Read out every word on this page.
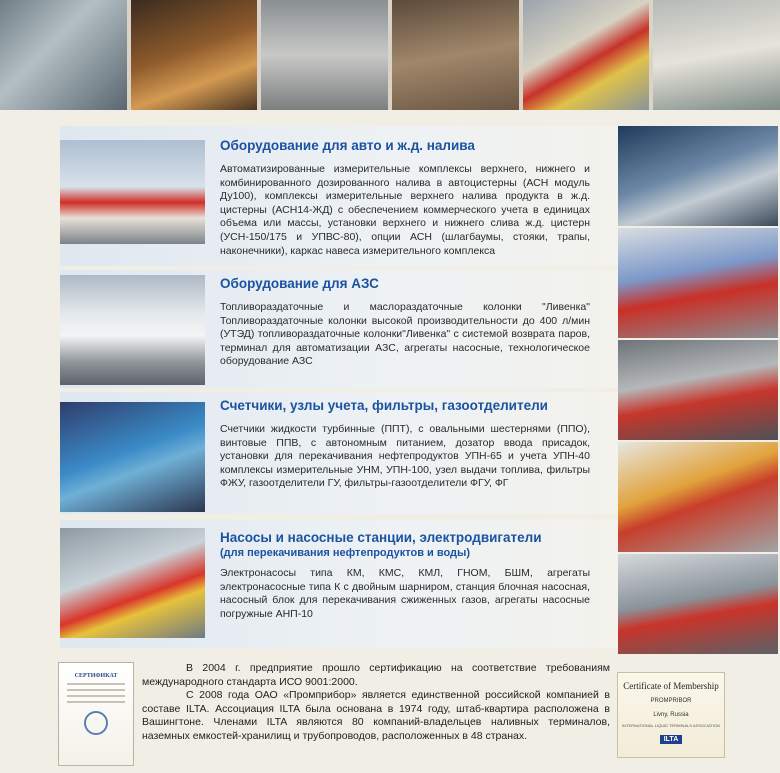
Оборудование для авто и ж.д. налива

Автоматизированные измерительные комплексы верхнего, нижнего и комбинированного дозированного налива в автоцистерны (АСН модуль Ду100), комплексы измерительные верхнего налива продукта в ж.д. цистерны (АСН14-ЖД) с обеспечением коммерческого учета в единицах объема или массы, установки верхнего и нижнего слива ж.д. цистерн (УСН-150/175 и УПВС-80), опции АСН (шлагбаумы, стояки, трапы, наконечники), каркас навеса измерительного комплекса

Оборудование для АЗС

Топливораздаточные и маслораздаточные колонки "Ливенка" Топливораздаточные колонки высокой производительности до 400 л/мин (УТЭД) топливораздаточные колонки"Ливенка" с системой возврата паров, терминал для автоматизации АЗС, агрегаты насосные, технологическое оборудование АЗС

Счетчики, узлы учета, фильтры, газоотделители

Счетчики жидкости турбинные (ППТ), с овальными шестернями (ППО), винтовые ППВ, с автономным питанием, дозатор ввода присадок, установки для перекачивания нефтепродуктов УПН-65 и учета УПН-40 комплексы измерительные УНМ, УПН-100, узел выдачи топлива, фильтры ФЖУ, газоотделители ГУ, фильтры-газоотделители ФГУ, ФГ

Насосы и насосные станции, электродвигатели
(для перекачивания нефтепродуктов и воды)

Электронасосы типа КМ, КМС, КМЛ, ГНОМ, БШМ, агрегаты электронасосные типа К с двойным шарниром, станция блочная насосная, насосный блок для перекачивания сжиженных газов, агрегаты насосные погружные АНП-10

СЕРТИФИКАТ

В 2004 г. предприятие прошло сертификацию на соответствие требованиям международного стандарта ИСО 9001:2000.

С 2008 года ОАО «Промприбор» является единственной российской компанией в составе ILTA. Ассоциация ILTA была основана в 1974 году, штаб-квартира расположена в Вашингтоне. Членами ILTA являются 80 компаний-владельцев наливных терминалов, наземных емкостей-хранилищ и трубопроводов, расположенных в 48 странах.

Certificate of Membership
PROMPRIBOR
Livny, Russia
INTERNATIONAL LIQUID TERMINALS ASSOCIATION
ILTA
